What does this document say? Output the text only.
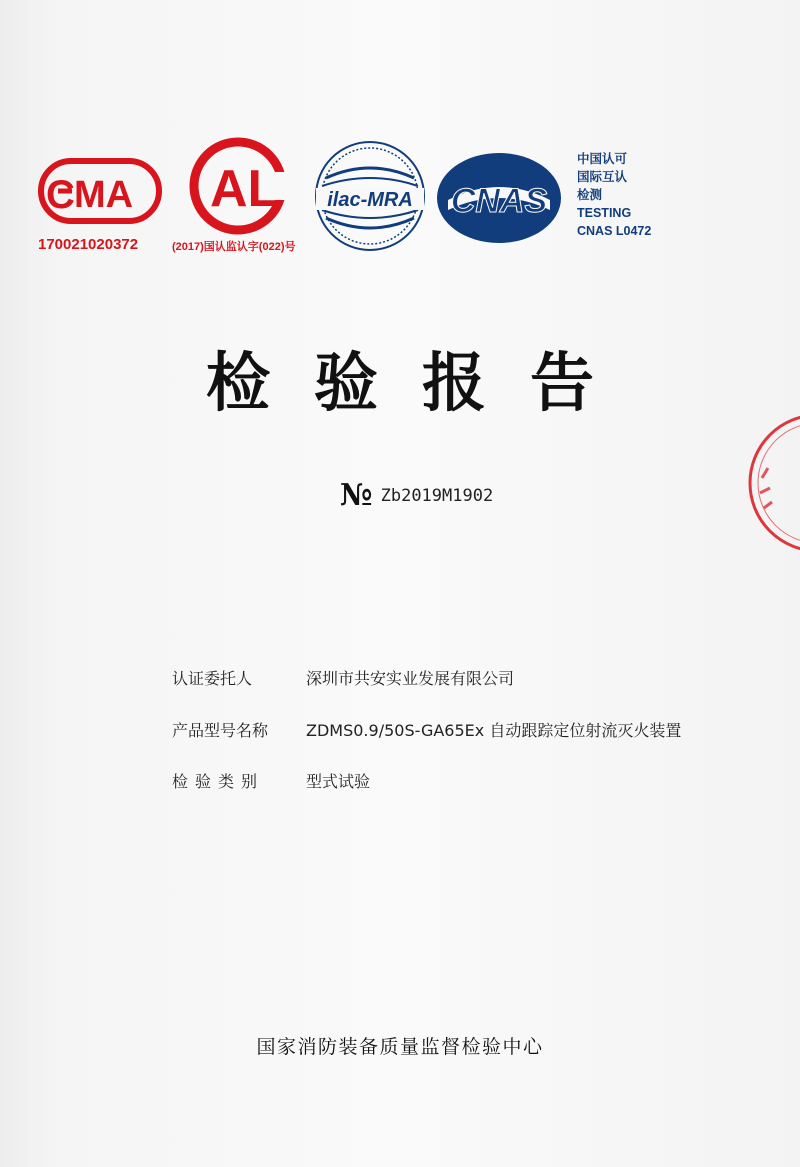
C MA
170021020372
AL
(2017)国认监认字(022)号
ilac-MRA CNAS
中国认可
国际互认
检测
TESTING
CNAS L0472
检验报告
№ Zb2019M1902
认证委托人	深圳市共安实业发展有限公司
产品型号名称 ZDMS0.9/50S-GA65Ex 自动跟踪定位射流灭火装置
检验类别	型式试验
国家消防装备质量监督检验中心
